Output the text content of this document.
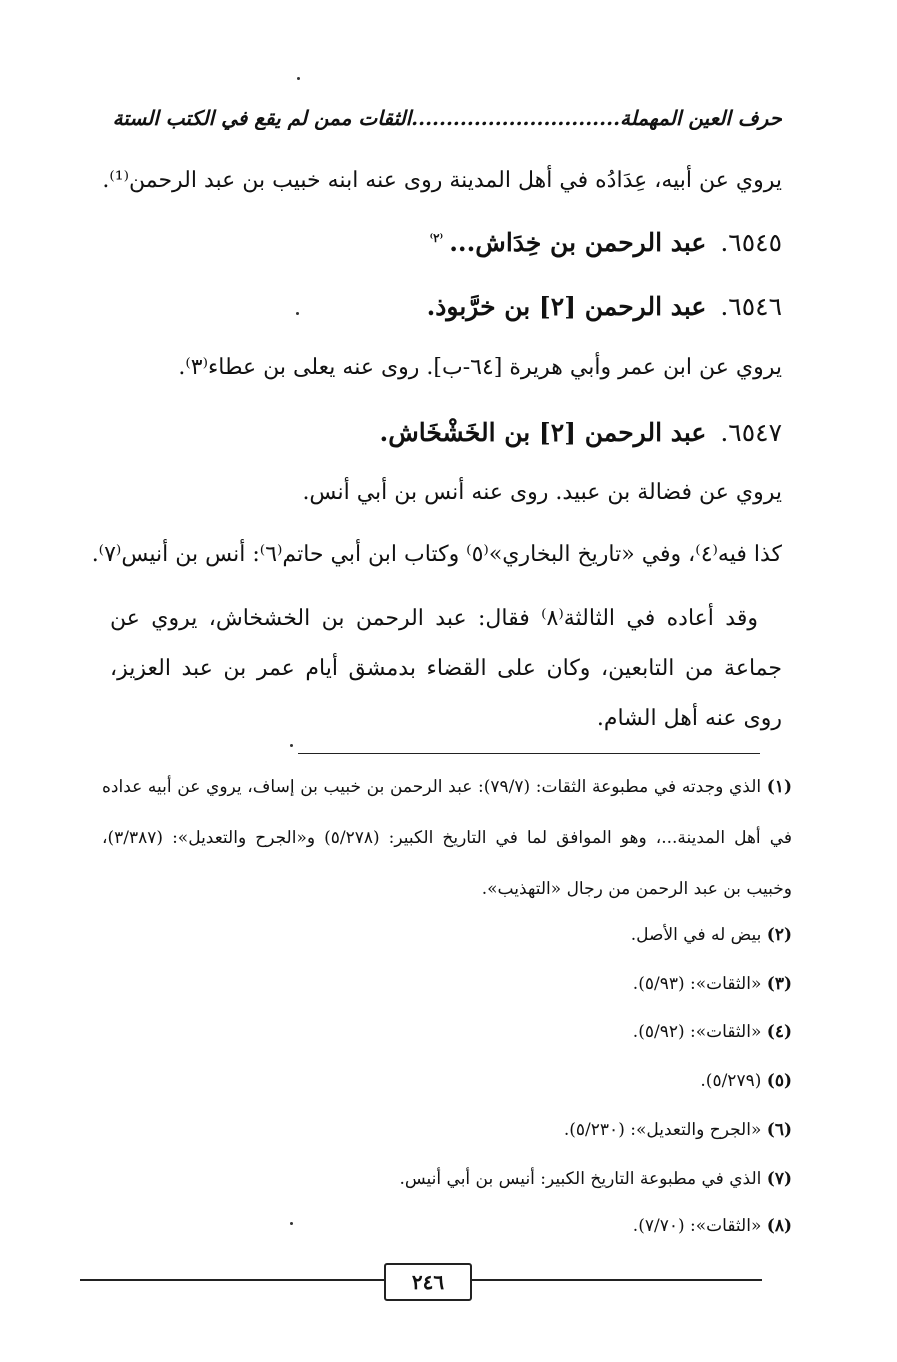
حرف العين المهملة..............................الثقات ممن لم يقع في الكتب الستة
يروي عن أبيه، عِدَادُه في أهل المدينة روى عنه ابنه خبيب بن عبد الرحمن⁽¹⁾.
٦٥٤٥.عبد الرحمن بن خِدَاش...$^{^(٢^)}$
٦٥٤٦.عبد الرحمن [٢] بن خرَّبوذ.
يروي عن ابن عمر وأبي هريرة [٦٤-ب]. روى عنه يعلى بن عطاء⁽٣⁾.
٦٥٤٧.عبد الرحمن [٢] بن الخَشْخَاش.
يروي عن فضالة بن عبيد. روى عنه أنس بن أبي أنس.
كذا فيه⁽٤⁾، وفي «تاريخ البخاري»⁽٥⁾ وكتاب ابن أبي حاتم⁽٦⁾: أنس بن أنيس⁽٧⁾.
وقد أعاده في الثالثة⁽٨⁾ فقال: عبد الرحمن بن الخشخاش، يروي عن جماعة من التابعين، وكان على القضاء بدمشق أيام عمر بن عبد العزيز، روى عنه أهل الشام.
(١) الذي وجدته في مطبوعة الثقات: (٧٩/٧): عبد الرحمن بن خبيب بن إساف، يروي عن أبيه عداده في أهل المدينة...، وهو الموافق لما في التاريخ الكبير: (٥/٢٧٨) و«الجرح والتعديل»: (٣/٣٨٧)، وخبيب بن عبد الرحمن من رجال «التهذيب».
(٢) بيض له في الأصل.
(٣) «الثقات»: (٥/٩٣).
(٤) «الثقات»: (٥/٩٢).
(٥) (٥/٢٧٩).
(٦) «الجرح والتعديل»: (٥/٢٣٠).
(٧) الذي في مطبوعة التاريخ الكبير: أنيس بن أبي أنيس.
(٨) «الثقات»: (٧/٧٠).
٢٤٦
